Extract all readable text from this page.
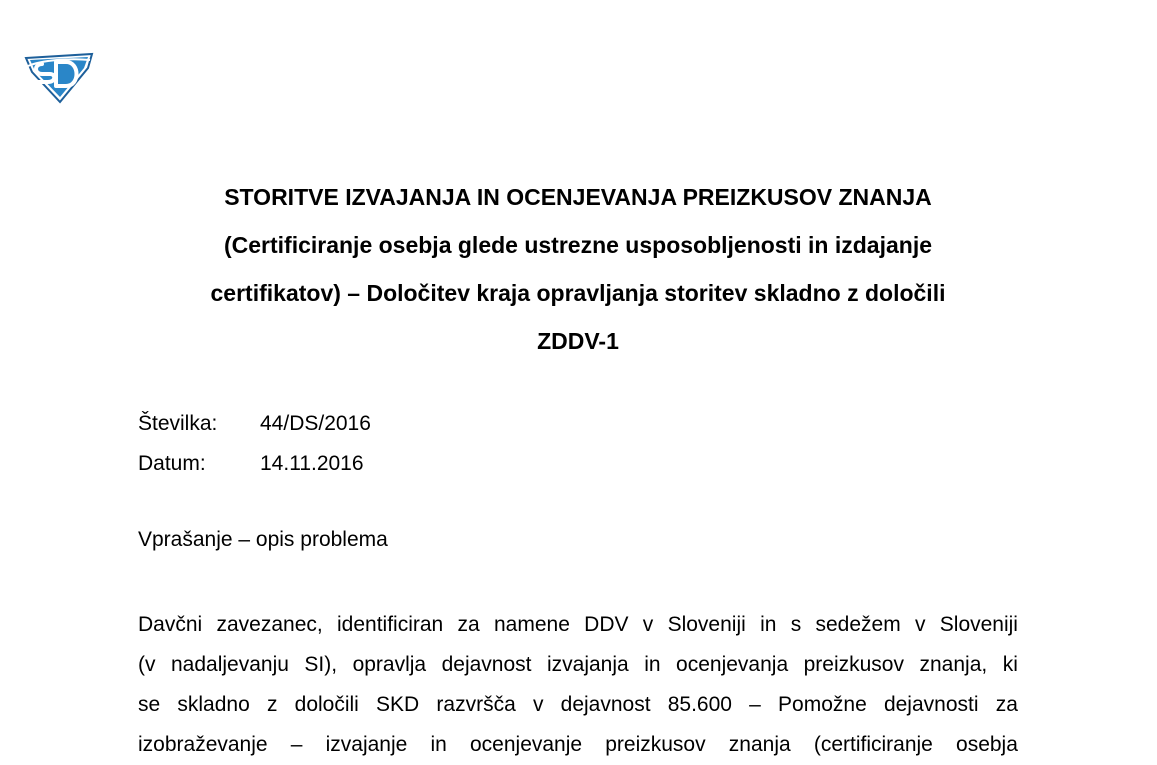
STORITVE IZVAJANJA IN OCENJEVANJA PREIZKUSOV ZNANJA
(Certificiranje osebja glede ustrezne usposobljenosti in izdajanje
certifikatov) – Določitev kraja opravljanja storitev skladno z določili
ZDDV-1
Številka:	44/DS/2016
Datum:	14.11.2016
Vprašanje – opis problema
Davčni zavezanec, identificiran za namene DDV v Sloveniji in s sedežem v Sloveniji
(v nadaljevanju SI), opravlja dejavnost izvajanja in ocenjevanja preizkusov znanja, ki
se skladno z določili SKD razvršča v dejavnost 85.600 – Pomožne dejavnosti za
izobraževanje – izvajanje in ocenjevanje preizkusov znanja (certificiranje osebja
